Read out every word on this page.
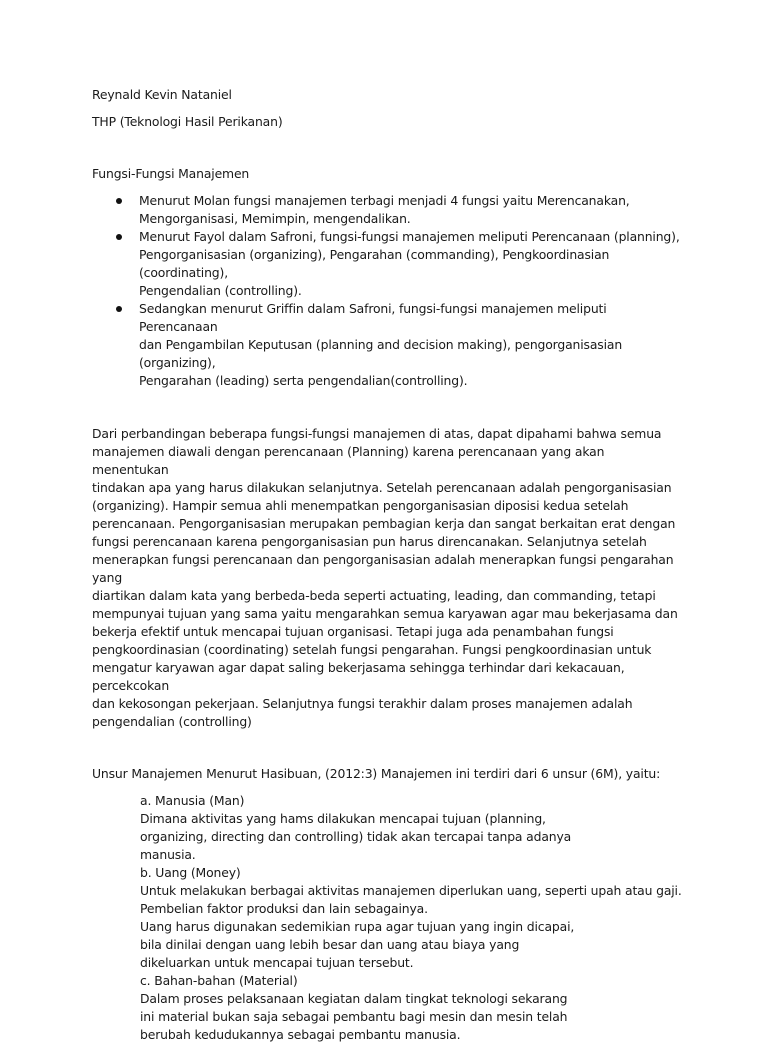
Reynald Kevin Nataniel
THP (Teknologi Hasil Perikanan)
Fungsi-Fungsi Manajemen
Menurut Molan fungsi manajemen terbagi menjadi 4 fungsi yaitu Merencanakan,
Mengorganisasi, Memimpin, mengendalikan.
Menurut Fayol dalam Safroni, fungsi-fungsi manajemen meliputi Perencanaan (planning),
Pengorganisasian (organizing), Pengarahan (commanding), Pengkoordinasian (coordinating),
Pengendalian (controlling).
Sedangkan menurut Griffin dalam Safroni, fungsi-fungsi manajemen meliputi Perencanaan
dan Pengambilan Keputusan (planning and decision making), pengorganisasian (organizing),
Pengarahan (leading) serta pengendalian(controlling).
Dari perbandingan beberapa fungsi-fungsi manajemen di atas, dapat dipahami bahwa semua
manajemen diawali dengan perencanaan (Planning) karena perencanaan yang akan menentukan
tindakan apa yang harus dilakukan selanjutnya. Setelah perencanaan adalah pengorganisasian
(organizing). Hampir semua ahli menempatkan pengorganisasian diposisi kedua setelah
perencanaan. Pengorganisasian merupakan pembagian kerja dan sangat berkaitan erat dengan
fungsi perencanaan karena pengorganisasian pun harus direncanakan. Selanjutnya setelah
menerapkan fungsi perencanaan dan pengorganisasian adalah menerapkan fungsi pengarahan yang
diartikan dalam kata yang berbeda-beda seperti actuating, leading, dan commanding, tetapi
mempunyai tujuan yang sama yaitu mengarahkan semua karyawan agar mau bekerjasama dan
bekerja efektif untuk mencapai tujuan organisasi. Tetapi juga ada penambahan fungsi
pengkoordinasian (coordinating) setelah fungsi pengarahan. Fungsi pengkoordinasian untuk
mengatur karyawan agar dapat saling bekerjasama sehingga terhindar dari kekacauan, percekcokan
dan kekosongan pekerjaan. Selanjutnya fungsi terakhir dalam proses manajemen adalah
pengendalian (controlling)
Unsur Manajemen Menurut Hasibuan, (2012:3) Manajemen ini terdiri dari 6 unsur (6M), yaitu:
a. Manusia (Man)
Dimana aktivitas yang hams dilakukan mencapai tujuan (planning,
organizing, directing dan controlling) tidak akan tercapai tanpa adanya
manusia.
b. Uang (Money)
Untuk melakukan berbagai aktivitas manajemen diperlukan uang, seperti upah atau gaji.
Pembelian faktor produksi dan lain sebagainya.
Uang harus digunakan sedemikian rupa agar tujuan yang ingin dicapai,
bila dinilai dengan uang lebih besar dan uang atau biaya yang
dikeluarkan untuk mencapai tujuan tersebut.
c. Bahan-bahan (Material)
Dalam proses pelaksanaan kegiatan dalam tingkat teknologi sekarang
ini material bukan saja sebagai pembantu bagi mesin dan mesin telah
berubah kedudukannya sebagai pembantu manusia.
